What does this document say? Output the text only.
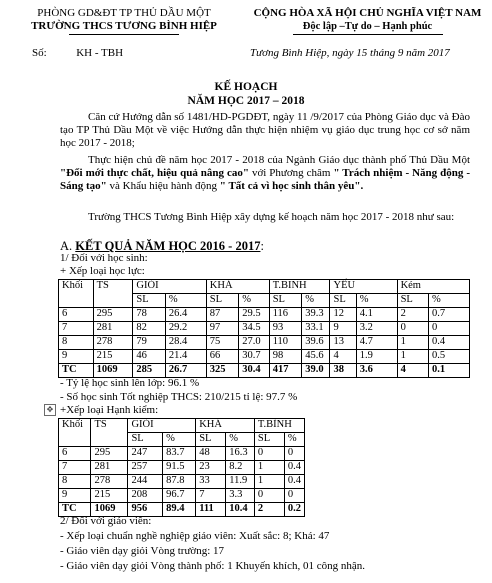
PHÒNG GD&ĐT TP THỦ DẦU MỘT
TRƯỜNG THCS TƯƠNG BÌNH HIỆP
CỘNG HÒA XÃ HỘI CHỦ NGHĨA VIỆT NAM
Độc lập –Tự do – Hạnh phúc
Số:	KH - TBH	Tương Bình Hiệp, ngày 15 tháng 9 năm 2017
KẾ HOẠCH
NĂM HỌC 2017 – 2018
Căn cứ Hướng dẫn số 1481/HD-PGDĐT, ngày 11 /9/2017 của Phòng Giáo dục và Đào tạo TP Thủ Dầu Một về việc Hướng dẫn thực hiện nhiệm vụ giáo dục trung học cơ sở năm học 2017 - 2018;
Thực hiện chủ đề năm học 2017 - 2018 của Ngành Giáo dục thành phố Thủ Dầu Một "Đổi mới thực chất, hiệu quả nâng cao" với Phương châm " Trách nhiệm - Năng động - Sáng tạo" và Khẩu hiệu hành động " Tất cả vì học sinh thân yêu".
Trường THCS Tương Bình Hiệp xây dựng kế hoạch năm học 2017 - 2018 như sau:
A. KẾT QUẢ NĂM HỌC 2016 - 2017:
1/ Đối với học sinh:
+ Xếp loại học lực:
Khối	TS	GIỎI		KHÁ		T.BINH		YẾU		Kém	
		SL	%	SL	%	SL	%	SL	%	SL	%
6	295	78	26.4	87	29.5	116	39.3	12	4.1	2	0.7
7	281	82	29.2	97	34.5	93	33.1	9	3.2	0	0
8	278	79	28.4	75	27.0	110	39.6	13	4.7	1	0.4
9	215	46	21.4	66	30.7	98	45.6	4	1.9	1	0.5
TC	1069	285	26.7	325	30.4	417	39.0	38	3.6	4	0.1
- Tỷ lệ học sinh lên lớp: 96.1 %
- Số học sinh Tốt nghiệp THCS: 210/215 tỉ lệ: 97.7 %
✥ +Xếp loại Hạnh kiểm:
Khối	TS	GIỎI		KHÁ		T.BÌNH	
		SL	%	SL	%	SL	%
6	295	247	83.7	48	16.3	0	0
7	281	257	91.5	23	8.2	1	0.4
8	278	244	87.8	33	11.9	1	0.4
9	215	208	96.7	7	3.3	0	0
TC	1069	956	89.4	111	10.4	2	0.2
2/ Đối với giáo viên:
- Xếp loại chuẩn nghề nghiệp giáo viên: Xuất sắc: 8; Khá: 47
- Giáo viên dạy giỏi Vòng trường: 17
- Giáo viên dạy giỏi Vòng thành phố: 1 Khuyến khích, 01 công nhận.
